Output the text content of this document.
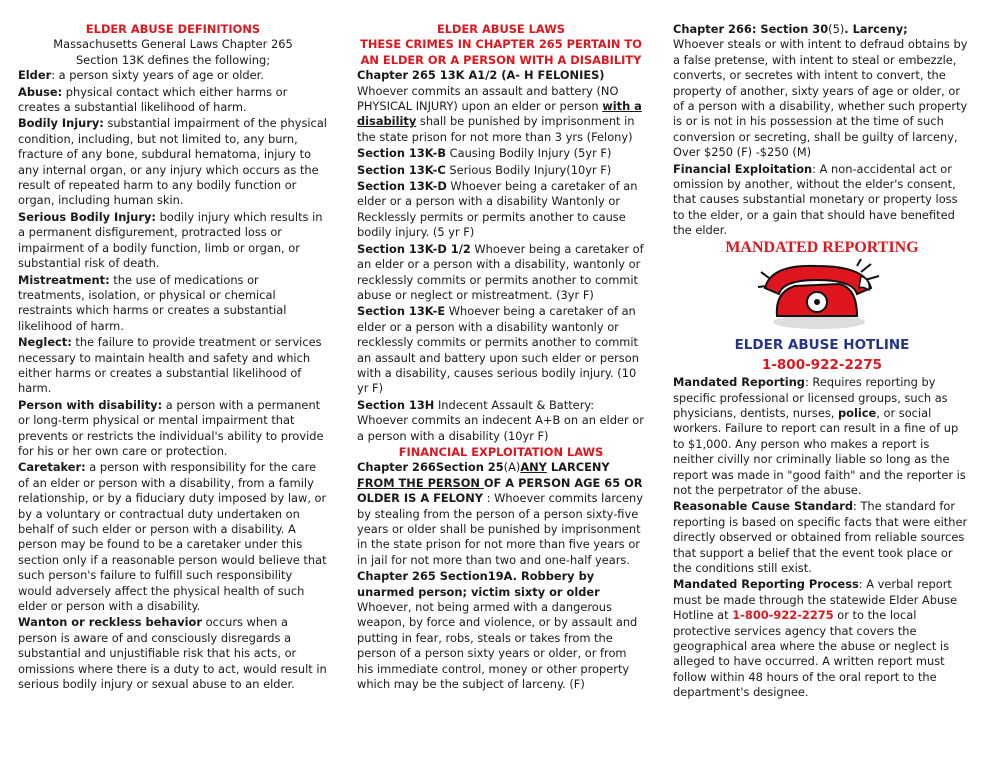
ELDER ABUSE DEFINITIONS
Massachusetts General Laws Chapter 265
Section 13K defines the following;
Elder: a person sixty years of age or older.
Abuse: physical contact which either harms or creates a substantial likelihood of harm.
Bodily Injury: substantial impairment of the physical condition, including, but not limited to, any burn, fracture of any bone, subdural hematoma, injury to any internal organ, or any injury which occurs as the result of repeated harm to any bodily function or organ, including human skin.
Serious Bodily Injury: bodily injury which results in a permanent disfigurement, protracted loss or impairment of a bodily function, limb or organ, or substantial risk of death.
Mistreatment: the use of medications or treatments, isolation, or physical or chemical restraints which harms or creates a substantial likelihood of harm.
Neglect: the failure to provide treatment or services necessary to maintain health and safety and which either harms or creates a substantial likelihood of harm.
Person with disability: a person with a permanent or long-term physical or mental impairment that prevents or restricts the individual's ability to provide for his or her own care or protection.
Caretaker: a person with responsibility for the care of an elder or person with a disability, from a family relationship, or by a fiduciary duty imposed by law, or by a voluntary or contractual duty undertaken on behalf of such elder or person with a disability. A person may be found to be a caretaker under this section only if a reasonable person would believe that such person's failure to fulfill such responsibility would adversely affect the physical health of such elder or person with a disability.
Wanton or reckless behavior occurs when a person is aware of and consciously disregards a substantial and unjustifiable risk that his acts, or omissions where there is a duty to act, would result in serious bodily injury or sexual abuse to an elder.
ELDER ABUSE LAWS
THESE CRIMES IN CHAPTER 265 PERTAIN TO AN ELDER OR A PERSON WITH A DISABILITY
Chapter 265 13K A1/2 (A- H FELONIES)
Whoever commits an assault and battery (NO PHYSICAL INJURY) upon an elder or person with a disability shall be punished by imprisonment in the state prison for not more than 3 yrs (Felony)
Section 13K-B Causing Bodily Injury (5yr F)
Section 13K-C Serious Bodily Injury(10yr F)
Section 13K-D Whoever being a caretaker of an elder or a person with a disability Wantonly or Recklessly permits or permits another to cause bodily injury. (5 yr F)
Section 13K-D 1/2 Whoever being a caretaker of an elder or a person with a disability, wantonly or recklessly commits or permits another to commit abuse or neglect or mistreatment. (3yr F)
Section 13K-E Whoever being a caretaker of an elder or a person with a disability wantonly or recklessly commits or permits another to commit an assault and battery upon such elder or person with a disability, causes serious bodily injury. (10 yr F)
Section 13H Indecent Assault & Battery: Whoever commits an indecent A+B on an elder or a person with a disability (10yr F)
FINANCIAL EXPLOITATION LAWS
Chapter 266Section 25(A)ANY LARCENY FROM THE PERSON OF A PERSON AGE 65 OR OLDER IS A FELONY : Whoever commits larceny by stealing from the person of a person sixty-five years or older shall be punished by imprisonment in the state prison for not more than five years or in jail for not more than two and one-half years.
Chapter 265 Section19A. Robbery by unarmed person; victim sixty or older Whoever, not being armed with a dangerous weapon, by force and violence, or by assault and putting in fear, robs, steals or takes from the person of a person sixty years or older, or from his immediate control, money or other property which may be the subject of larceny. (F)
Chapter 266: Section 30(5). Larceny;
Whoever steals or with intent to defraud obtains by a false pretense, with intent to steal or embezzle, converts, or secretes with intent to convert, the property of another, sixty years of age or older, or of a person with a disability, whether such property is or is not in his possession at the time of such conversion or secreting, shall be guilty of larceny, Over $250 (F) -$250 (M)
Financial Exploitation: A non-accidental act or omission by another, without the elder's consent, that causes substantial monetary or property loss to the elder, or a gain that should have benefited the elder.
MANDATED REPORTING
ELDER ABUSE HOTLINE
1-800-922-2275
Mandated Reporting: Requires reporting by specific professional or licensed groups, such as physicians, dentists, nurses, police, or social workers. Failure to report can result in a fine of up to $1,000. Any person who makes a report is neither civilly nor criminally liable so long as the report was made in "good faith" and the reporter is not the perpetrator of the abuse.
Reasonable Cause Standard: The standard for reporting is based on specific facts that were either directly observed or obtained from reliable sources that support a belief that the event took place or the conditions still exist.
Mandated Reporting Process: A verbal report must be made through the statewide Elder Abuse Hotline at 1-800-922-2275 or to the local protective services agency that covers the geographical area where the abuse or neglect is alleged to have occurred. A written report must follow within 48 hours of the oral report to the department's designee.
